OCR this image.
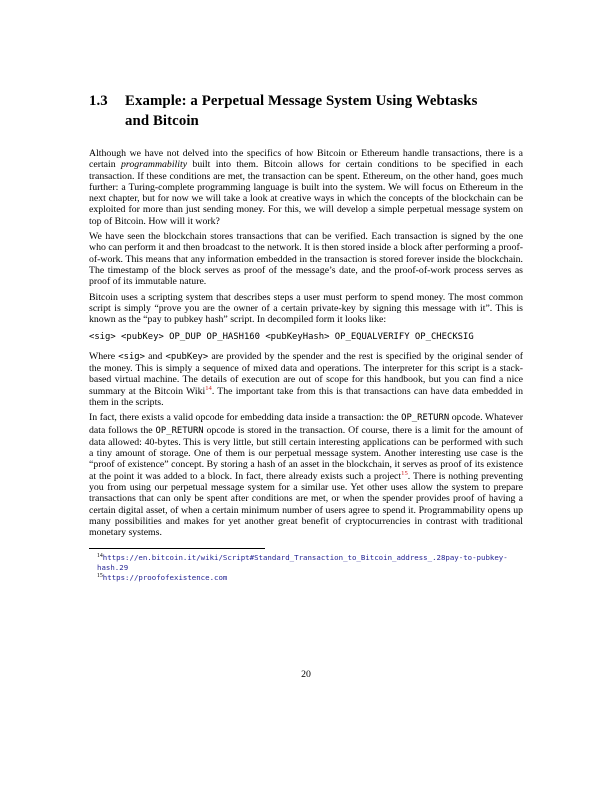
1.3	Example: a Perpetual Message System Using Webtasks
and Bitcoin

Although we have not delved into the specifics of how Bitcoin or Ethereum handle transactions, there is a certain programmability built into them. Bitcoin allows for certain conditions to be specified in each transaction. If these conditions are met, the transaction can be spent. Ethereum, on the other hand, goes much further: a Turing-complete programming language is built into the system. We will focus on Ethereum in the next chapter, but for now we will take a look at creative ways in which the concepts of the blockchain can be exploited for more than just sending money. For this, we will develop a simple perpetual message system on top of Bitcoin. How will it work?

We have seen the blockchain stores transactions that can be verified. Each transaction is signed by the one who can perform it and then broadcast to the network. It is then stored inside a block after performing a proof-of-work. This means that any information embedded in the transaction is stored forever inside the blockchain. The timestamp of the block serves as proof of the message’s date, and the proof-of-work process serves as proof of its immutable nature.

Bitcoin uses a scripting system that describes steps a user must perform to spend money. The most common script is simply “prove you are the owner of a certain private-key by signing this message with it”. This is known as the “pay to pubkey hash” script. In decompiled form it looks like:

<sig> <pubKey> OP_DUP OP_HASH160 <pubKeyHash> OP_EQUALVERIFY OP_CHECKSIG

Where <sig> and <pubKey> are provided by the spender and the rest is specified by the original sender of the money. This is simply a sequence of mixed data and operations. The interpreter for this script is a stack-based virtual machine. The details of execution are out of scope for this handbook, but you can find a nice summary at the Bitcoin Wiki$^{14}$. The important take from this is that transactions can have data embedded in them in the scripts.

In fact, there exists a valid opcode for embedding data inside a transaction: the OP_RETURN opcode. Whatever data follows the OP_RETURN opcode is stored in the transaction. Of course, there is a limit for the amount of data allowed: 40-bytes. This is very little, but still certain interesting applications can be performed with such a tiny amount of storage. One of them is our perpetual message system. Another interesting use case is the “proof of existence” concept. By storing a hash of an asset in the blockchain, it serves as proof of its existence at the point it was added to a block. In fact, there already exists such a project$^{15}$. There is nothing preventing you from using our perpetual message system for a similar use. Yet other uses allow the system to prepare transactions that can only be spent after conditions are met, or when the spender provides proof of having a certain digital asset, of when a certain minimum number of users agree to spend it. Programmability opens up many possibilities and makes for yet another great benefit of cryptocurrencies in contrast with traditional monetary systems.

$^{14}$https://en.bitcoin.it/wiki/Script#Standard_Transaction_to_Bitcoin_address_.28pay-to-pubkey-hash.29
$^{15}$https://proofofexistence.com
20
